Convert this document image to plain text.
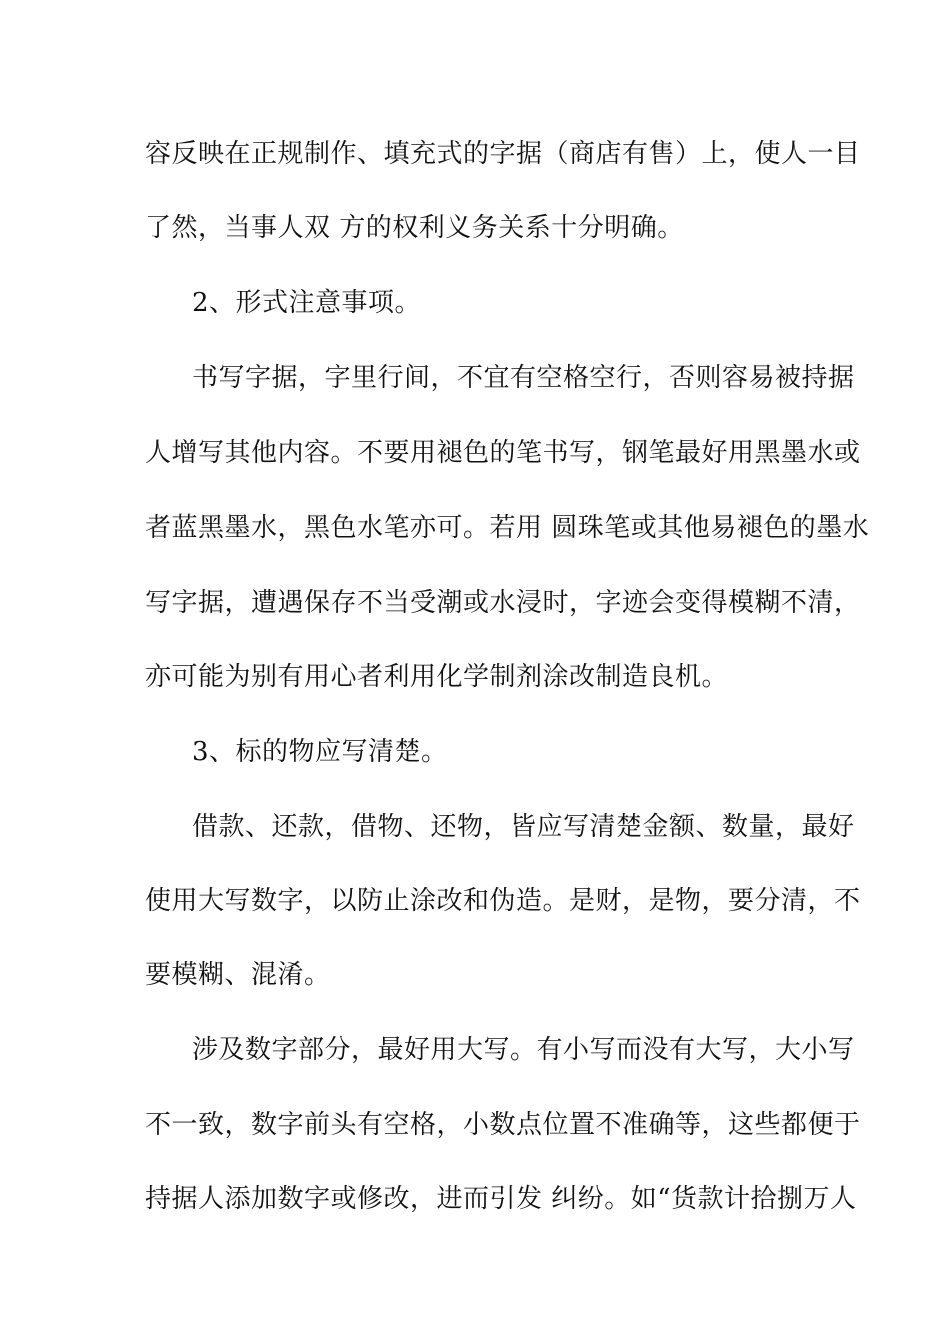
容反映在正规制作、填充式的字据（商店有售）上，使人一目
了然，当事人双 方的权利义务关系十分明确。
2、形式注意事项。
书写字据，字里行间，不宜有空格空行，否则容易被持据
人增写其他内容。不要用褪色的笔书写，钢笔最好用黑墨水或
者蓝黑墨水，黑色水笔亦可。若用 圆珠笔或其他易褪色的墨水
写字据，遭遇保存不当受潮或水浸时，字迹会变得模糊不清，
亦可能为别有用心者利用化学制剂涂改制造良机。
3、标的物应写清楚。
借款、还款，借物、还物，皆应写清楚金额、数量，最好
使用大写数字，以防止涂改和伪造。是财，是物，要分清，不
要模糊、混淆。
涉及数字部分，最好用大写。有小写而没有大写，大小写
不一致，数字前头有空格，小数点位置不准确等，这些都便于
持据人添加数字或修改，进而引发 纠纷。如“货款计拾捌万人
